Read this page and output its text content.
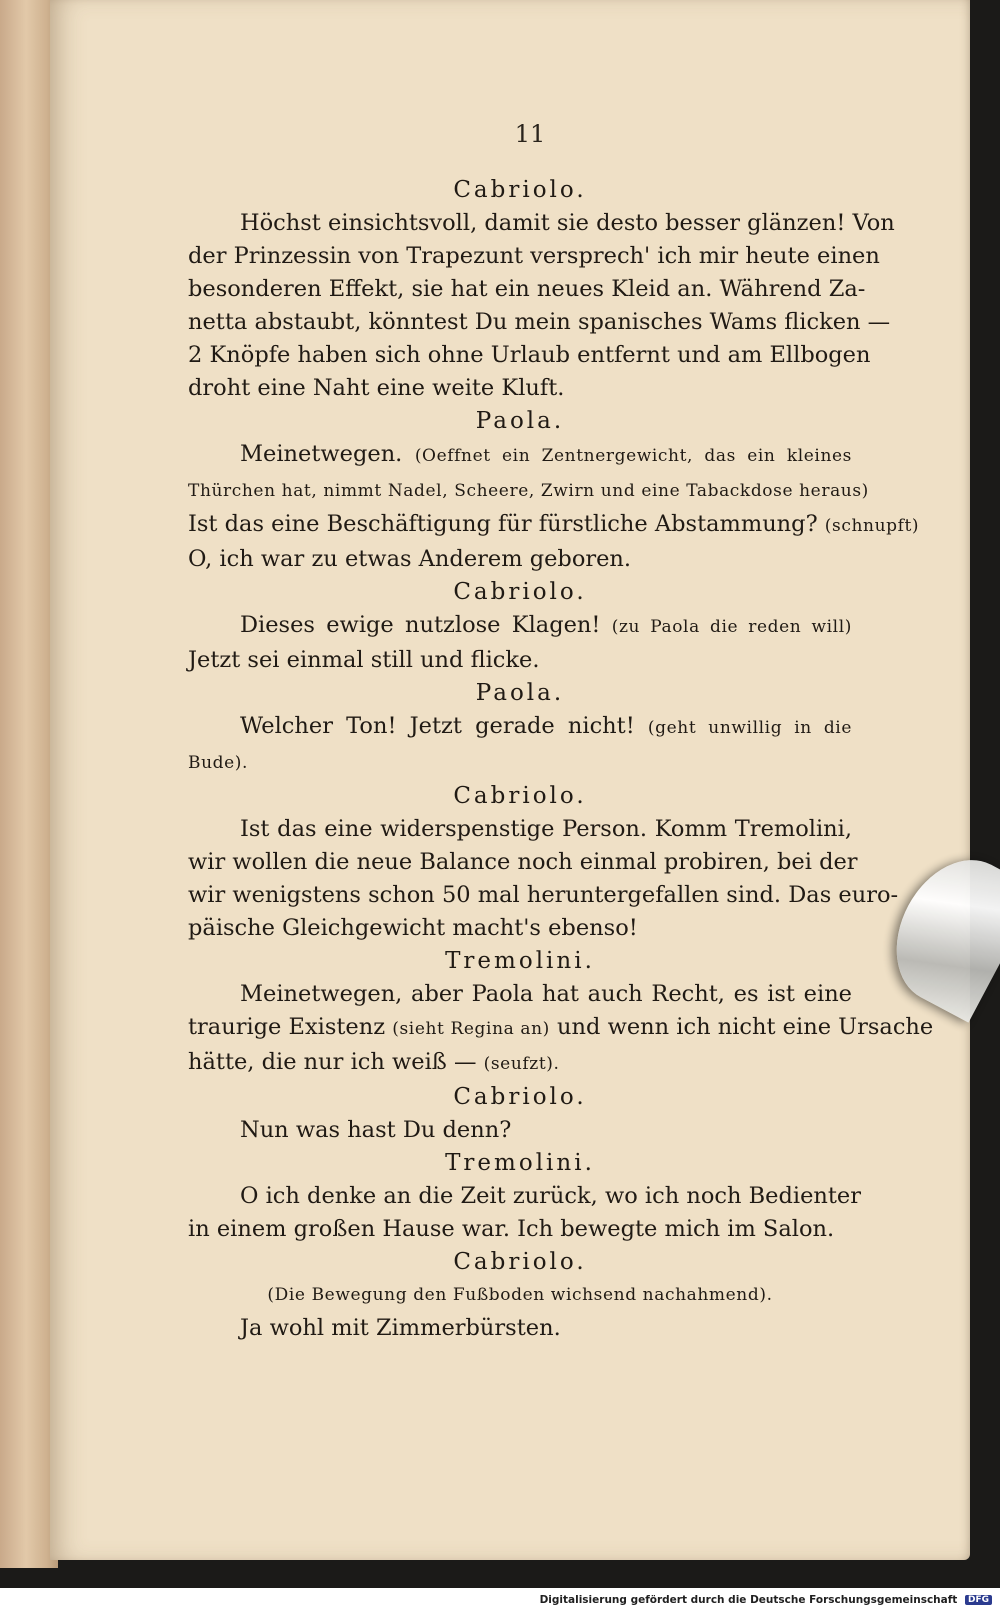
11
Cabriolo.
Höchst einsichtsvoll, damit sie desto besser glänzen! Von
der Prinzessin von Trapezunt versprech' ich mir heute einen
besonderen Effekt, sie hat ein neues Kleid an. Während Za-
netta abstaubt, könntest Du mein spanisches Wams flicken —
2 Knöpfe haben sich ohne Urlaub entfernt und am Ellbogen
droht eine Naht eine weite Kluft.
Paola.
Meinetwegen. (Oeffnet ein Zentnergewicht, das ein kleines
Thürchen hat, nimmt Nadel, Scheere, Zwirn und eine Tabackdose heraus)
Ist das eine Beschäftigung für fürstliche Abstammung? (schnupft)
O, ich war zu etwas Anderem geboren.
Cabriolo.
Dieses ewige nutzlose Klagen! (zu Paola die reden will)
Jetzt sei einmal still und flicke.
Paola.
Welcher Ton! Jetzt gerade nicht! (geht unwillig in die
Bude).
Cabriolo.
Ist das eine widerspenstige Person. Komm Tremolini,
wir wollen die neue Balance noch einmal probiren, bei der
wir wenigstens schon 50 mal heruntergefallen sind. Das euro-
päische Gleichgewicht macht's ebenso!
Tremolini.
Meinetwegen, aber Paola hat auch Recht, es ist eine
traurige Existenz (sieht Regina an) und wenn ich nicht eine Ursache
hätte, die nur ich weiß — (seufzt).
Cabriolo.
Nun was hast Du denn?
Tremolini.
O ich denke an die Zeit zurück, wo ich noch Bedienter
in einem großen Hause war. Ich bewegte mich im Salon.
Cabriolo.
(Die Bewegung den Fußboden wichsend nachahmend).
Ja wohl mit Zimmerbürsten.
Digitalisierung gefördert durch die Deutsche Forschungsgemeinschaft DFG
